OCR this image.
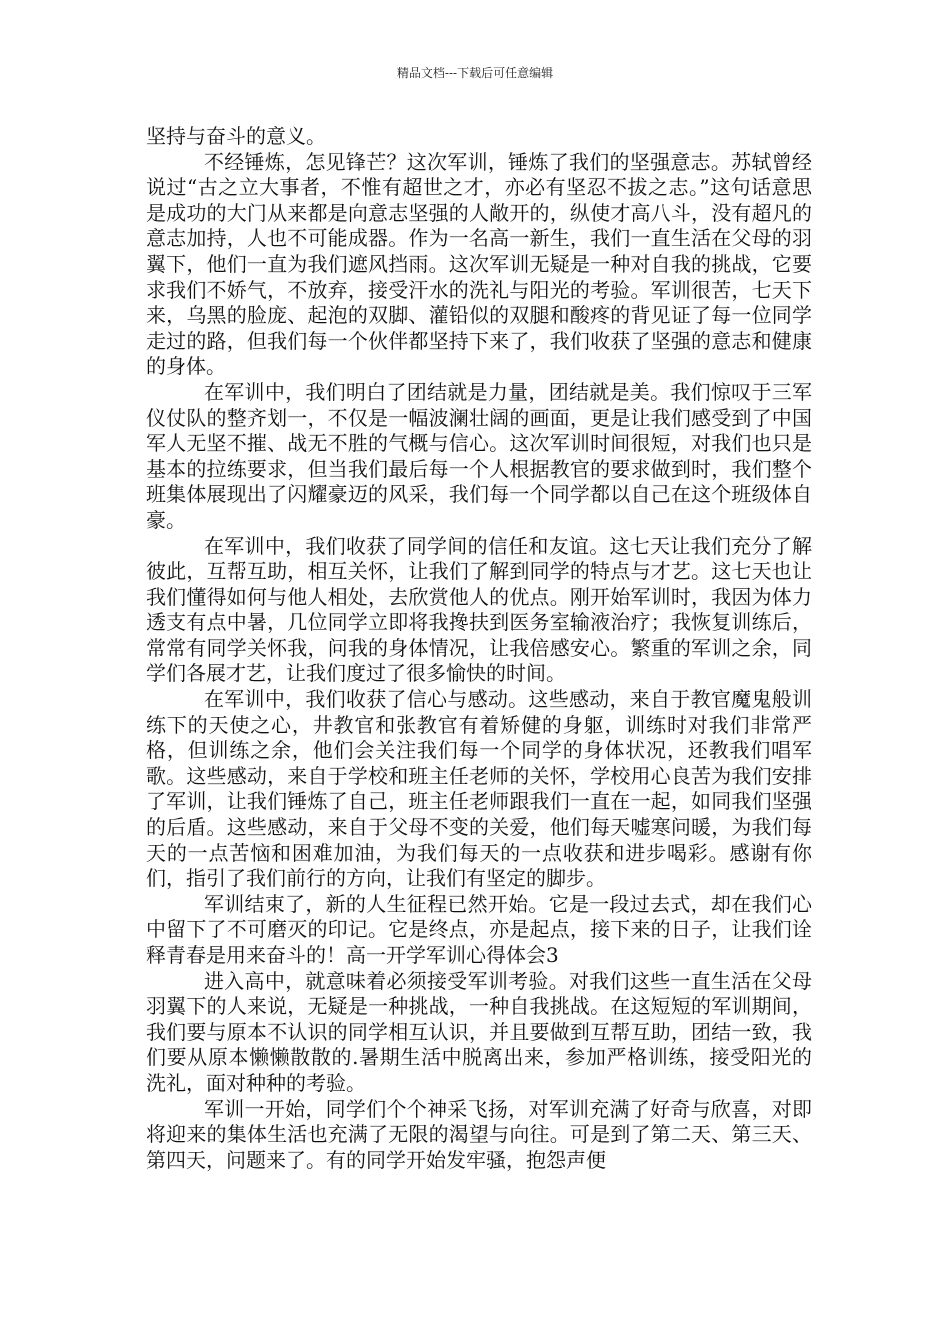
精品文档---下载后可任意编辑

坚持与奋斗的意义。

不经锤炼，怎见锋芒？这次军训，锤炼了我们的坚强意志。苏轼曾经说过“古之立大事者，不惟有超世之才，亦必有坚忍不拔之志。”这句话意思是成功的大门从来都是向意志坚强的人敞开的，纵使才高八斗，没有超凡的意志加持，人也不可能成器。作为一名高一新生，我们一直生活在父母的羽翼下，他们一直为我们遮风挡雨。这次军训无疑是一种对自我的挑战，它要求我们不娇气，不放弃，接受汗水的洗礼与阳光的考验。军训很苦，七天下来，乌黑的脸庞、起泡的双脚、灌铅似的双腿和酸疼的背见证了每一位同学走过的路，但我们每一个伙伴都坚持下来了，我们收获了坚强的意志和健康的身体。

在军训中，我们明白了团结就是力量，团结就是美。我们惊叹于三军仪仗队的整齐划一，不仅是一幅波澜壮阔的画面，更是让我们感受到了中国军人无坚不摧、战无不胜的气概与信心。这次军训时间很短，对我们也只是基本的拉练要求，但当我们最后每一个人根据教官的要求做到时，我们整个班集体展现出了闪耀豪迈的风采，我们每一个同学都以自己在这个班级体自豪。

在军训中，我们收获了同学间的信任和友谊。这七天让我们充分了解彼此，互帮互助，相互关怀，让我们了解到同学的特点与才艺。这七天也让我们懂得如何与他人相处，去欣赏他人的优点。刚开始军训时，我因为体力透支有点中暑，几位同学立即将我搀扶到医务室输液治疗；我恢复训练后，常常有同学关怀我，问我的身体情况，让我倍感安心。繁重的军训之余，同学们各展才艺，让我们度过了很多愉快的时间。

在军训中，我们收获了信心与感动。这些感动，来自于教官魔鬼般训练下的天使之心，井教官和张教官有着矫健的身躯，训练时对我们非常严格，但训练之余，他们会关注我们每一个同学的身体状况，还教我们唱军歌。这些感动，来自于学校和班主任老师的关怀，学校用心良苦为我们安排了军训，让我们锤炼了自己，班主任老师跟我们一直在一起，如同我们坚强的后盾。这些感动，来自于父母不变的关爱，他们每天嘘寒问暖，为我们每天的一点苦恼和困难加油，为我们每天的一点收获和进步喝彩。感谢有你们，指引了我们前行的方向，让我们有坚定的脚步。

军训结束了，新的人生征程已然开始。它是一段过去式，却在我们心中留下了不可磨灭的印记。它是终点，亦是起点，接下来的日子，让我们诠释青春是用来奋斗的！高一开学军训心得体会3

进入高中，就意味着必须接受军训考验。对我们这些一直生活在父母羽翼下的人来说，无疑是一种挑战，一种自我挑战。在这短短的军训期间，我们要与原本不认识的同学相互认识，并且要做到互帮互助，团结一致，我们要从原本懒懒散散的.暑期生活中脱离出来，参加严格训练，接受阳光的洗礼，面对种种的考验。

军训一开始，同学们个个神采飞扬，对军训充满了好奇与欣喜，对即将迎来的集体生活也充满了无限的渴望与向往。可是到了第二天、第三天、第四天，问题来了。有的同学开始发牢骚，抱怨声便
